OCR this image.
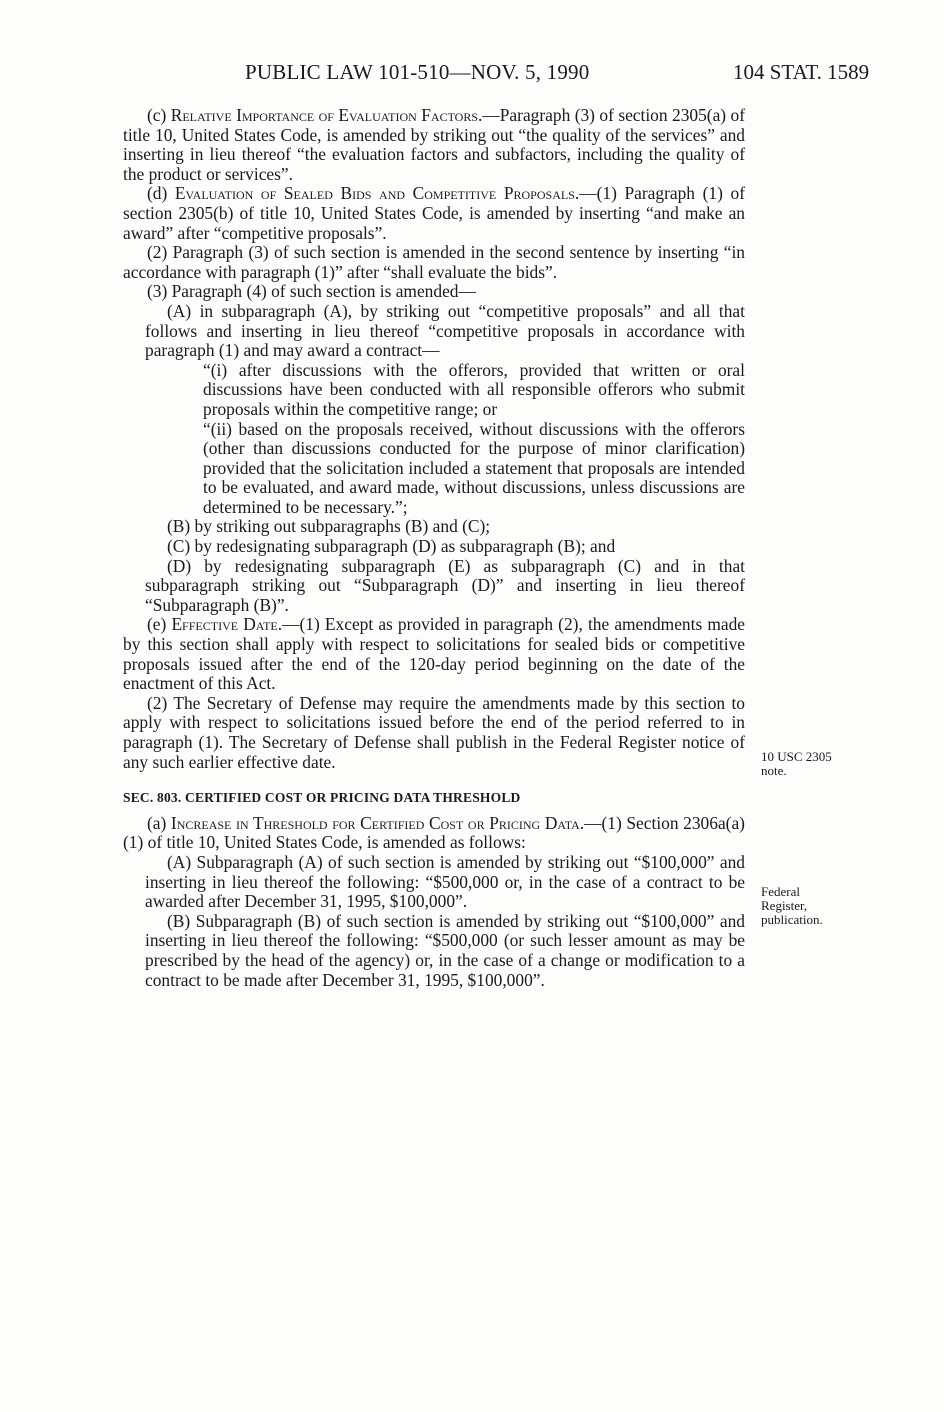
PUBLIC LAW 101-510—NOV. 5, 1990	104 STAT. 1589

(c) Relative Importance of Evaluation Factors.—Paragraph (3) of section 2305(a) of title 10, United States Code, is amended by striking out “the quality of the services” and inserting in lieu thereof “the evaluation factors and subfactors, including the quality of the product or services”.

(d) Evaluation of Sealed Bids and Competitive Proposals.—(1) Paragraph (1) of section 2305(b) of title 10, United States Code, is amended by inserting “and make an award” after “competitive proposals”.

(2) Paragraph (3) of such section is amended in the second sentence by inserting “in accordance with paragraph (1)” after “shall evaluate the bids”.

(3) Paragraph (4) of such section is amended—

(A) in subparagraph (A), by striking out “competitive proposals” and all that follows and inserting in lieu thereof “competitive proposals in accordance with paragraph (1) and may award a contract—

“(i) after discussions with the offerors, provided that written or oral discussions have been conducted with all responsible offerors who submit proposals within the competitive range; or

“(ii) based on the proposals received, without discussions with the offerors (other than discussions conducted for the purpose of minor clarification) provided that the solicitation included a statement that proposals are intended to be evaluated, and award made, without discussions, unless discussions are determined to be necessary.”;

(B) by striking out subparagraphs (B) and (C);

(C) by redesignating subparagraph (D) as subparagraph (B); and

(D) by redesignating subparagraph (E) as subparagraph (C) and in that subparagraph striking out “Subparagraph (D)” and inserting in lieu thereof “Subparagraph (B)”.

(e) Effective Date.—(1) Except as provided in paragraph (2), the amendments made by this section shall apply with respect to solicitations for sealed bids or competitive proposals issued after the end of the 120-day period beginning on the date of the enactment of this Act.

(2) The Secretary of Defense may require the amendments made by this section to apply with respect to solicitations issued before the end of the period referred to in paragraph (1). The Secretary of Defense shall publish in the Federal Register notice of any such earlier effective date.

SEC. 803. CERTIFIED COST OR PRICING DATA THRESHOLD

(a) Increase in Threshold for Certified Cost or Pricing Data.—(1) Section 2306a(a)(1) of title 10, United States Code, is amended as follows:

(A) Subparagraph (A) of such section is amended by striking out “$100,000” and inserting in lieu thereof the following: “$500,000 or, in the case of a contract to be awarded after December 31, 1995, $100,000”.

(B) Subparagraph (B) of such section is amended by striking out “$100,000” and inserting in lieu thereof the following: “$500,000 (or such lesser amount as may be prescribed by the head of the agency) or, in the case of a change or modification to a contract to be made after December 31, 1995, $100,000”.

10 USC 2305
note.
Federal
Register,
publication.
